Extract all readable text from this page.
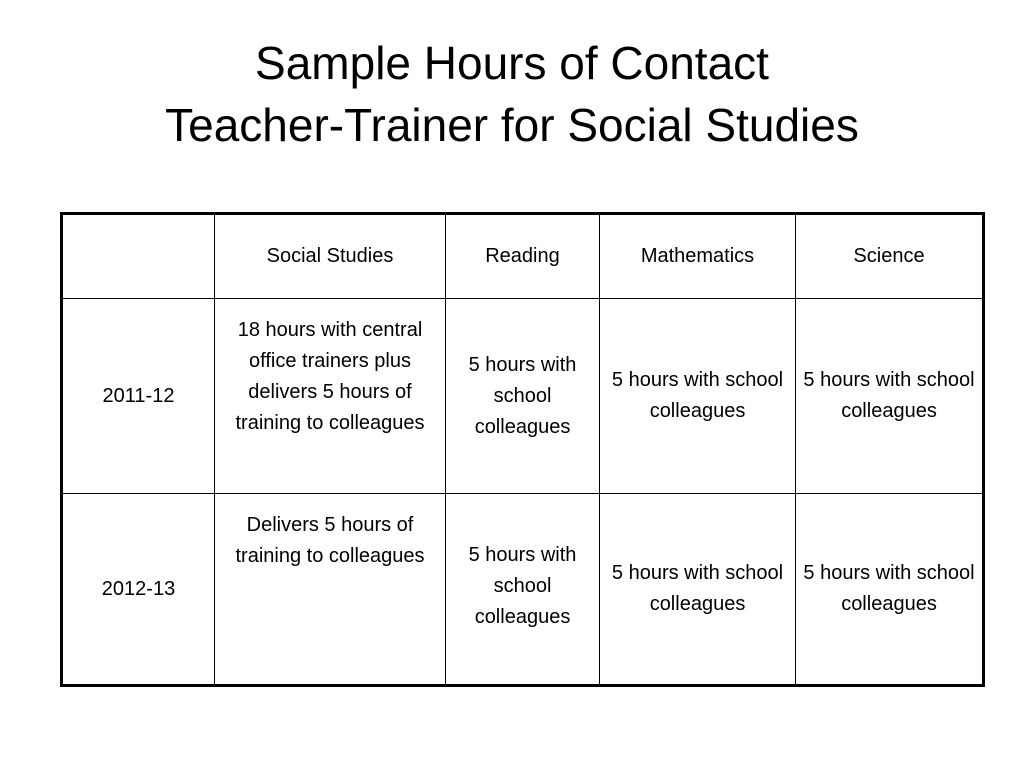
Sample Hours of Contact
Teacher-Trainer for Social Studies
	Social Studies	Reading	Mathematics	Science
2011-12	18 hours with central office trainers plus delivers 5 hours of training to colleagues	5 hours with school colleagues	5 hours with school colleagues	5 hours with school colleagues
2012-13	Delivers 5 hours of training to colleagues	5 hours with school colleagues	5 hours with school colleagues	5 hours with school colleagues
